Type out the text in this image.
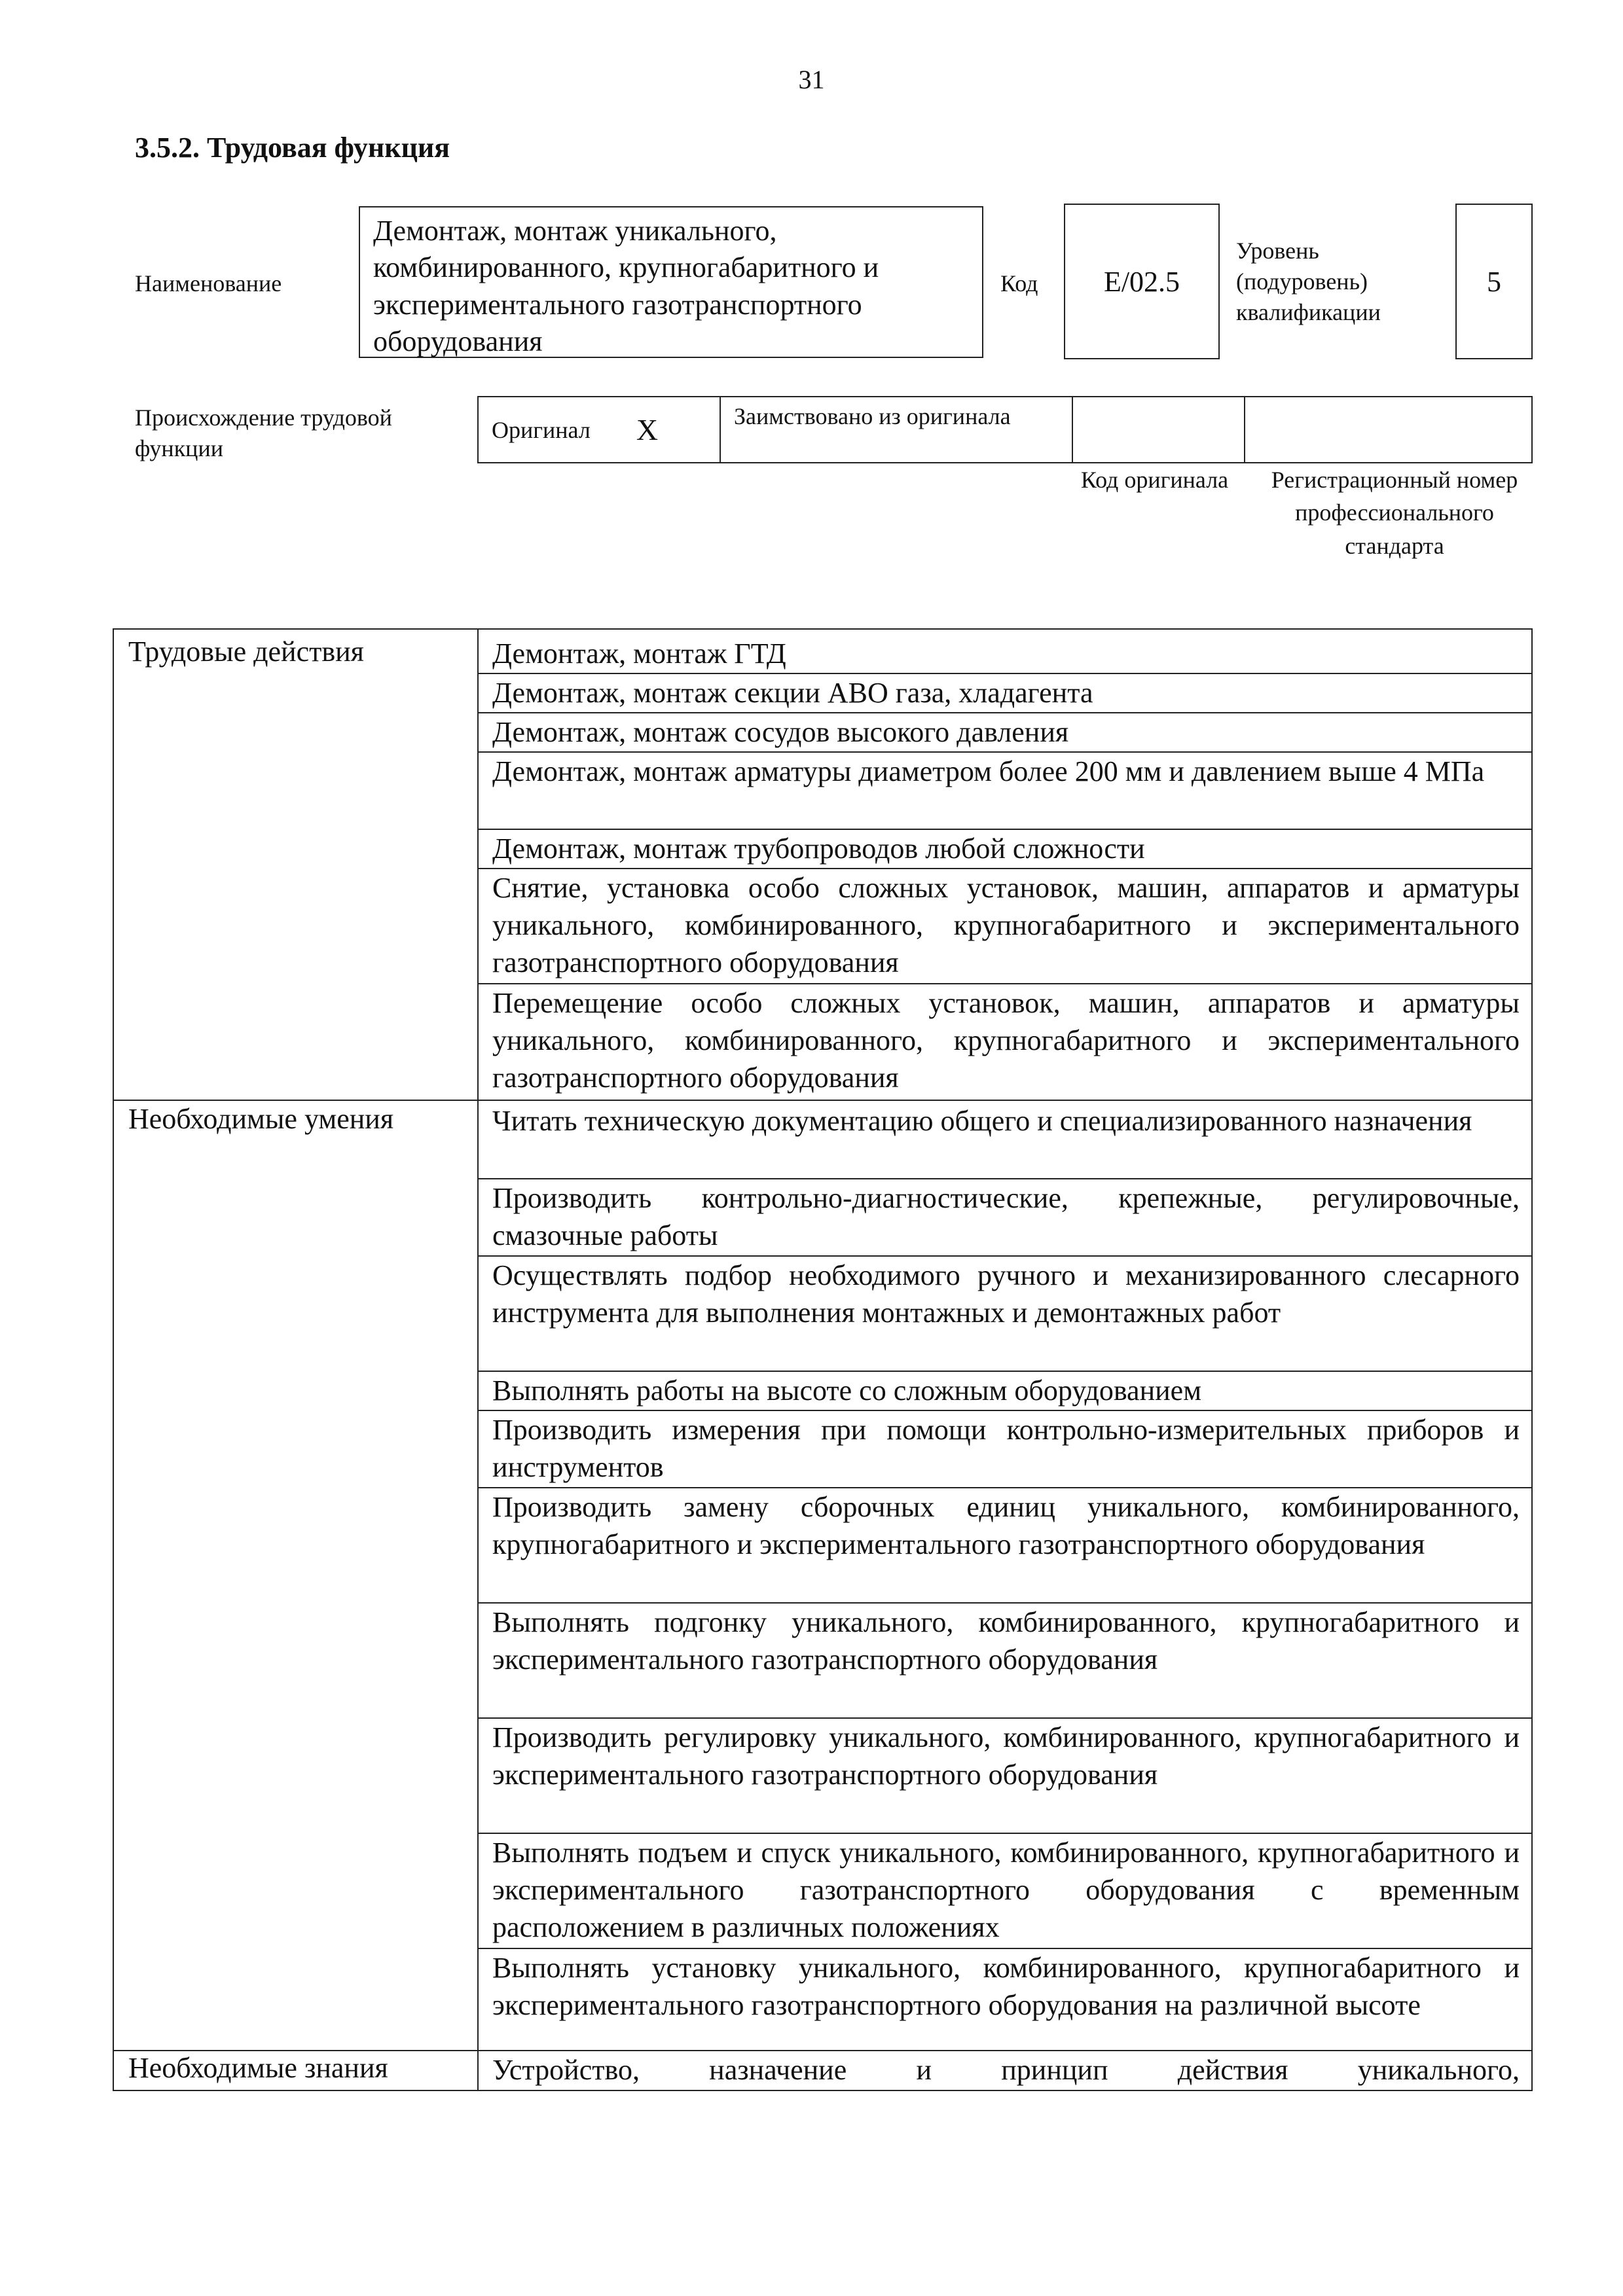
31
3.5.2. Трудовая функция
Наименование
Демонтаж, монтаж уникального, комбинированного, крупногабаритного и экспериментального газотранспортного оборудования
Код	Е/02.5
Уровень (подуровень) квалификации
5
Происхождение трудовой функции
Оригинал X	Заимствовано из оригинала
Код оригинала	Регистрационный номер профессионального стандарта
Трудовые действия	Демонтаж, монтаж ГТД
Демонтаж, монтаж секции АВО газа, хладагента
Демонтаж, монтаж сосудов высокого давления
Демонтаж, монтаж арматуры диаметром более 200 мм и давлением выше 4 МПа
Демонтаж, монтаж трубопроводов любой сложности
Снятие, установка особо сложных установок, машин, аппаратов и арматуры уникального, комбинированного, крупногабаритного и экспериментального газотранспортного оборудования
Перемещение особо сложных установок, машин, аппаратов и арматуры уникального, комбинированного, крупногабаритного и экспериментального газотранспортного оборудования
Необходимые умения	Читать техническую документацию общего и специализированного назначения
Производить контрольно-диагностические, крепежные, регулировочные, смазочные работы
Осуществлять подбор необходимого ручного и механизированного слесарного инструмента для выполнения монтажных и демонтажных работ
Выполнять работы на высоте со сложным оборудованием
Производить измерения при помощи контрольно-измерительных приборов и инструментов
Производить замену сборочных единиц уникального, комбинированного, крупногабаритного и экспериментального газотранспортного оборудования
Выполнять подгонку уникального, комбинированного, крупногабаритного и экспериментального газотранспортного оборудования
Производить регулировку уникального, комбинированного, крупногабаритного и экспериментального газотранспортного оборудования
Выполнять подъем и спуск уникального, комбинированного, крупногабаритного и экспериментального газотранспортного оборудования с временным расположением в различных положениях
Выполнять установку уникального, комбинированного, крупногабаритного и экспериментального газотранспортного оборудования на различной высоте
Необходимые знания	Устройство, назначение и принцип действия уникального,
